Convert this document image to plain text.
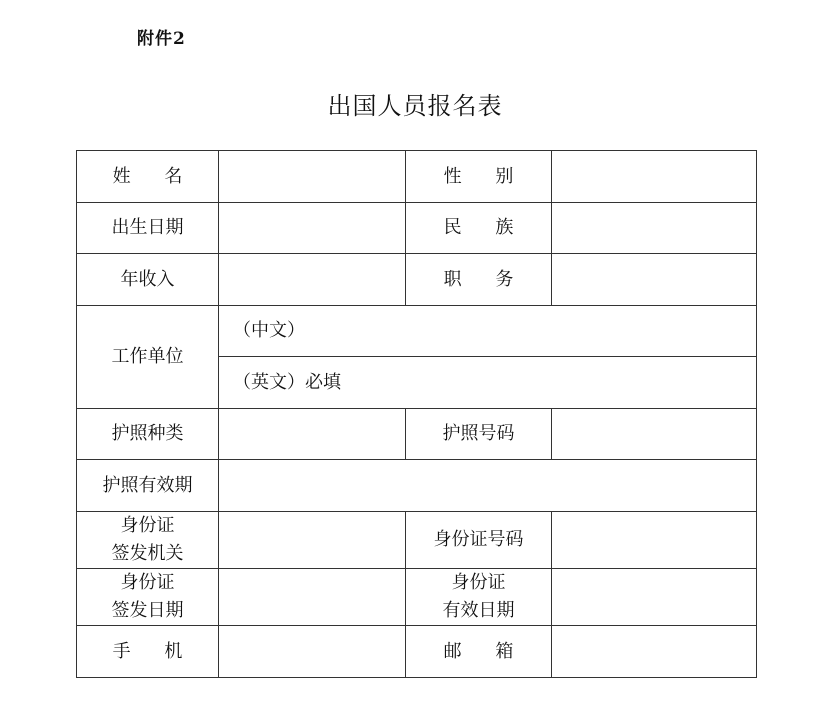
附件2
出国人员报名表
姓 名		性 别	
出生日期		民 族	
年收入		职 务	
工作单位	（中文）		
	（英文）必填		
护照种类		护照号码	
护照有效期			

身份证
签发机关		身份证号码	

身份证
签发日期		身份证
有效日期	

手 机		邮 箱	
